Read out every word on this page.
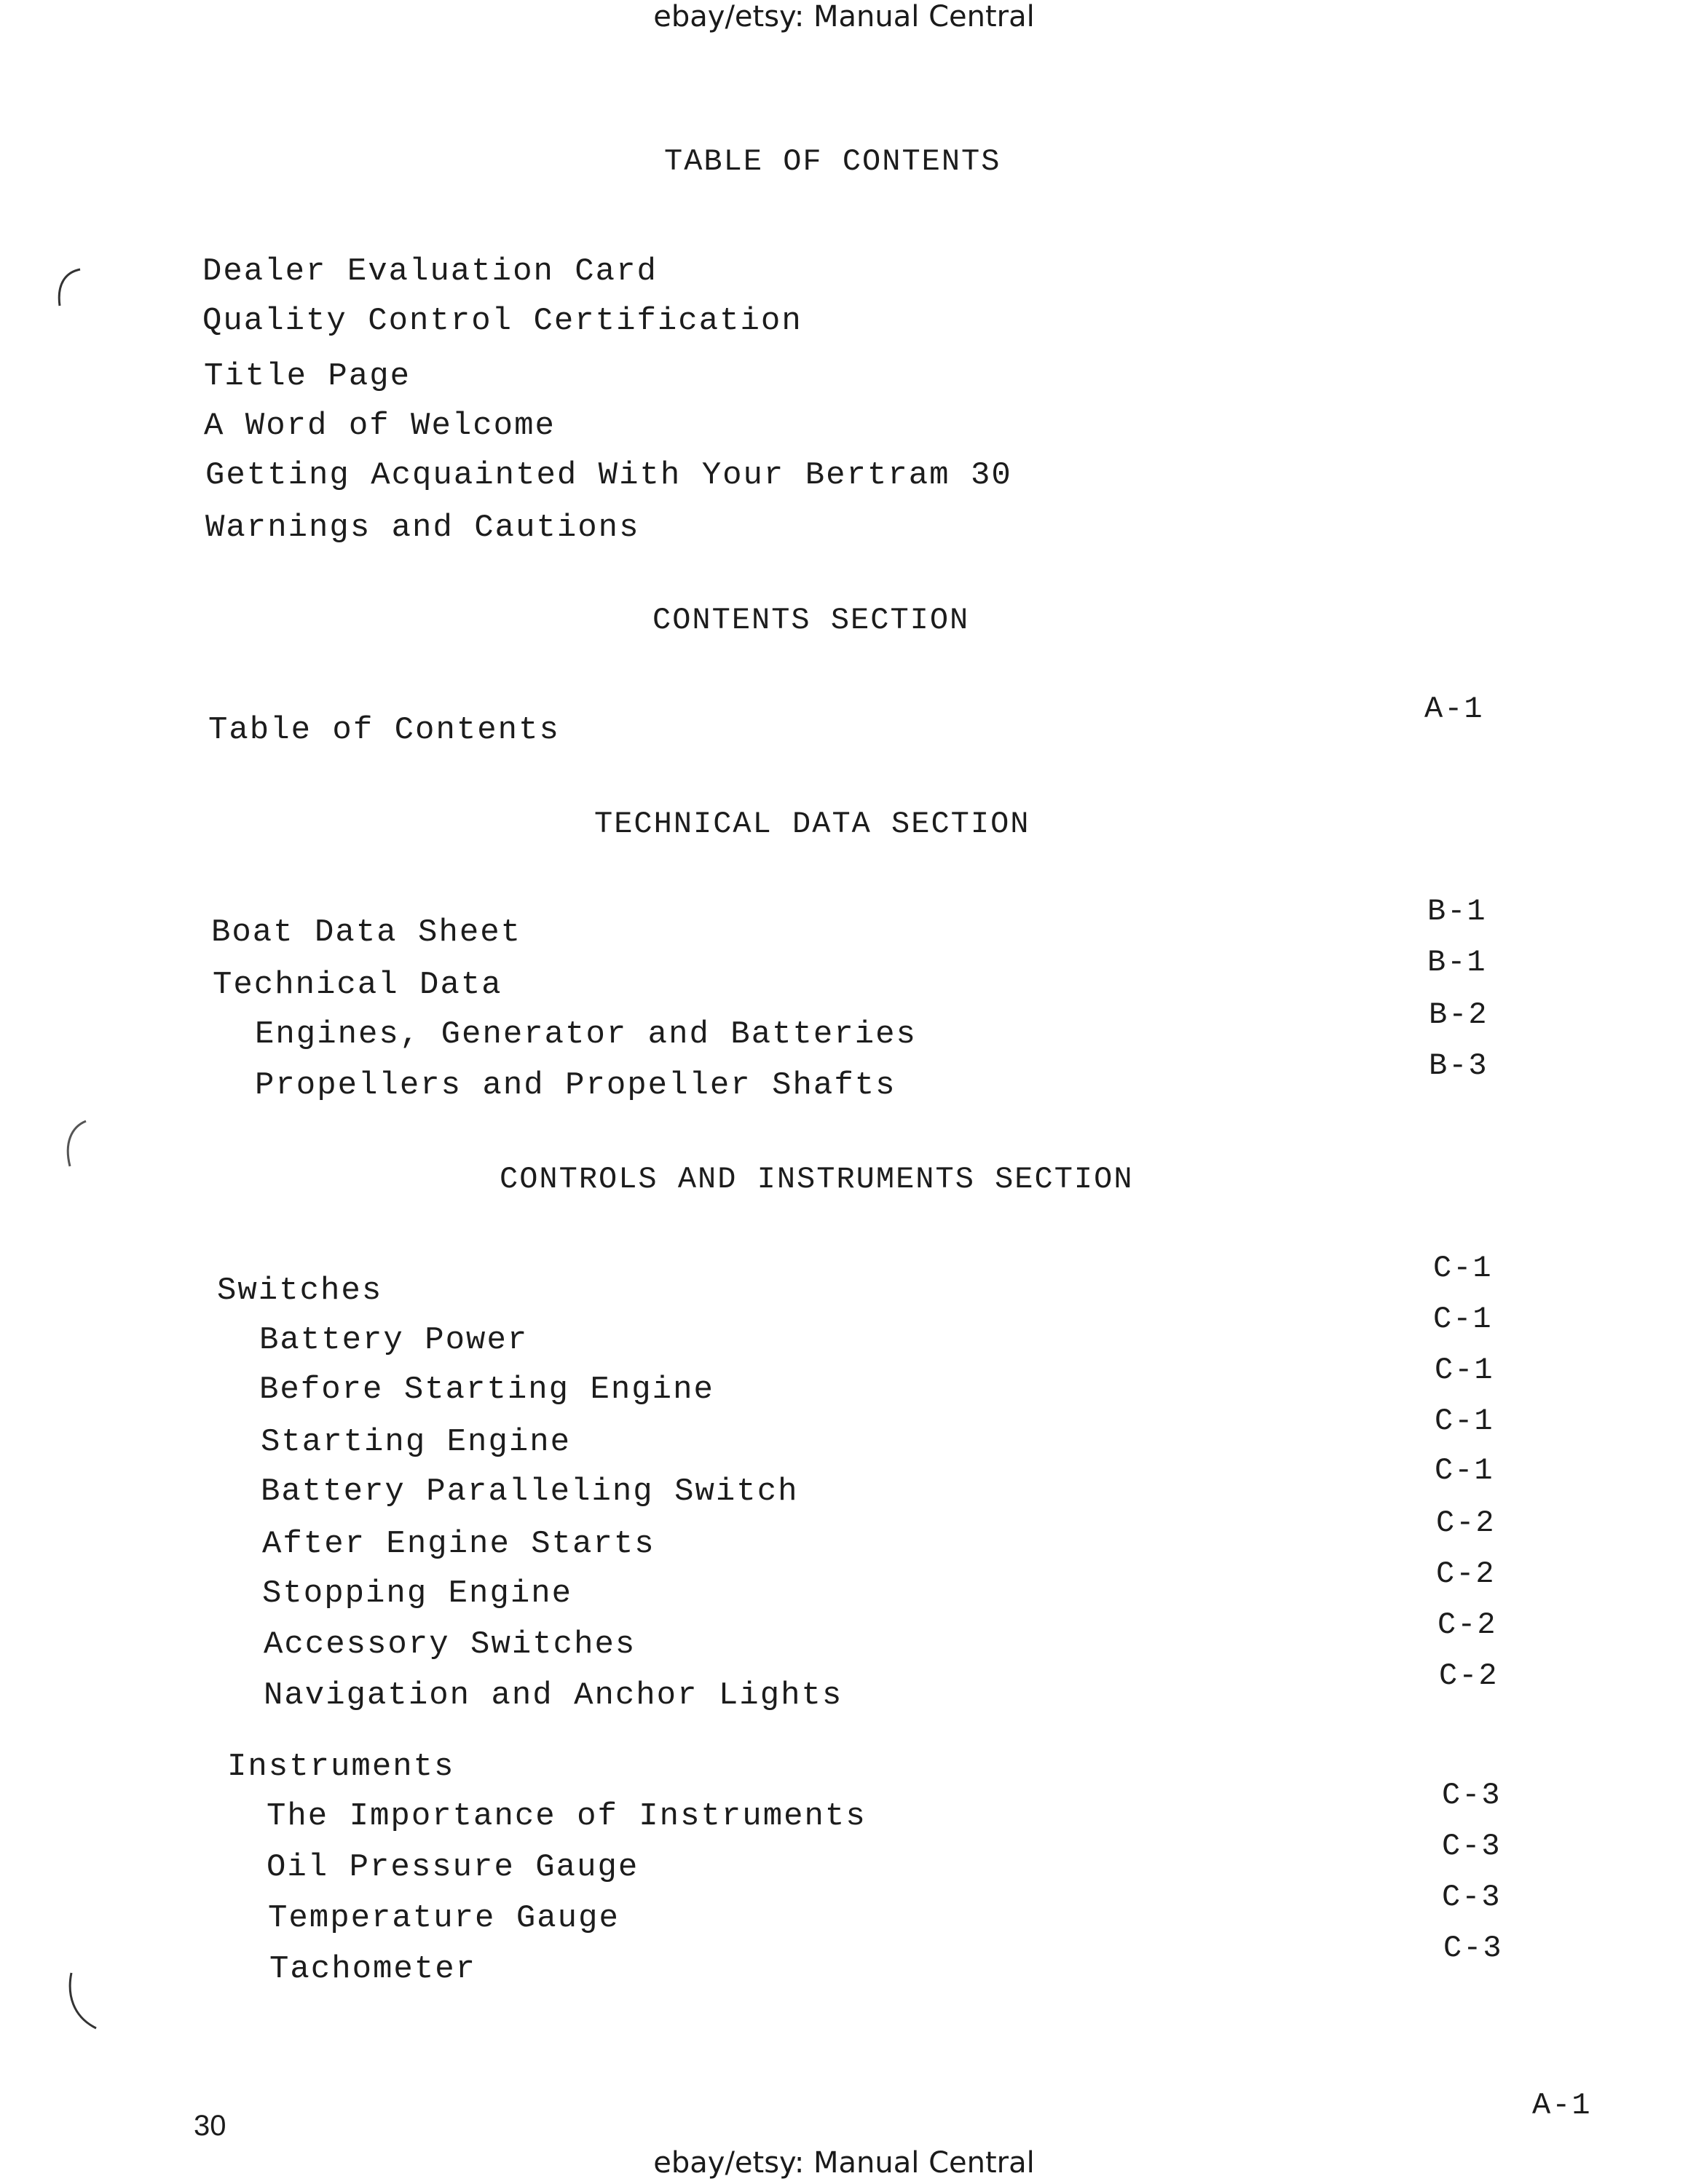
ebay/etsy: Manual Central
TABLE OF CONTENTS
Dealer Evaluation Card
Quality Control Certification
Title Page
A Word of Welcome
Getting Acquainted With Your Bertram 30
Warnings and Cautions
CONTENTS SECTION
Table of Contents
A-1
TECHNICAL DATA SECTION
Boat Data Sheet
B-1
Technical Data
B-1
Engines, Generator and Batteries
B-2
Propellers and Propeller Shafts
B-3
CONTROLS AND INSTRUMENTS SECTION
Switches
C-1
Battery Power
C-1
Before Starting Engine
C-1
Starting Engine
C-1
Battery Paralleling Switch
C-1
After Engine Starts
C-2
Stopping Engine
C-2
Accessory Switches
C-2
Navigation and Anchor Lights
C-2
Instruments
The Importance of Instruments
C-3
Oil Pressure Gauge
C-3
Temperature Gauge
C-3
Tachometer
C-3
30
A-1
ebay/etsy: Manual Central
